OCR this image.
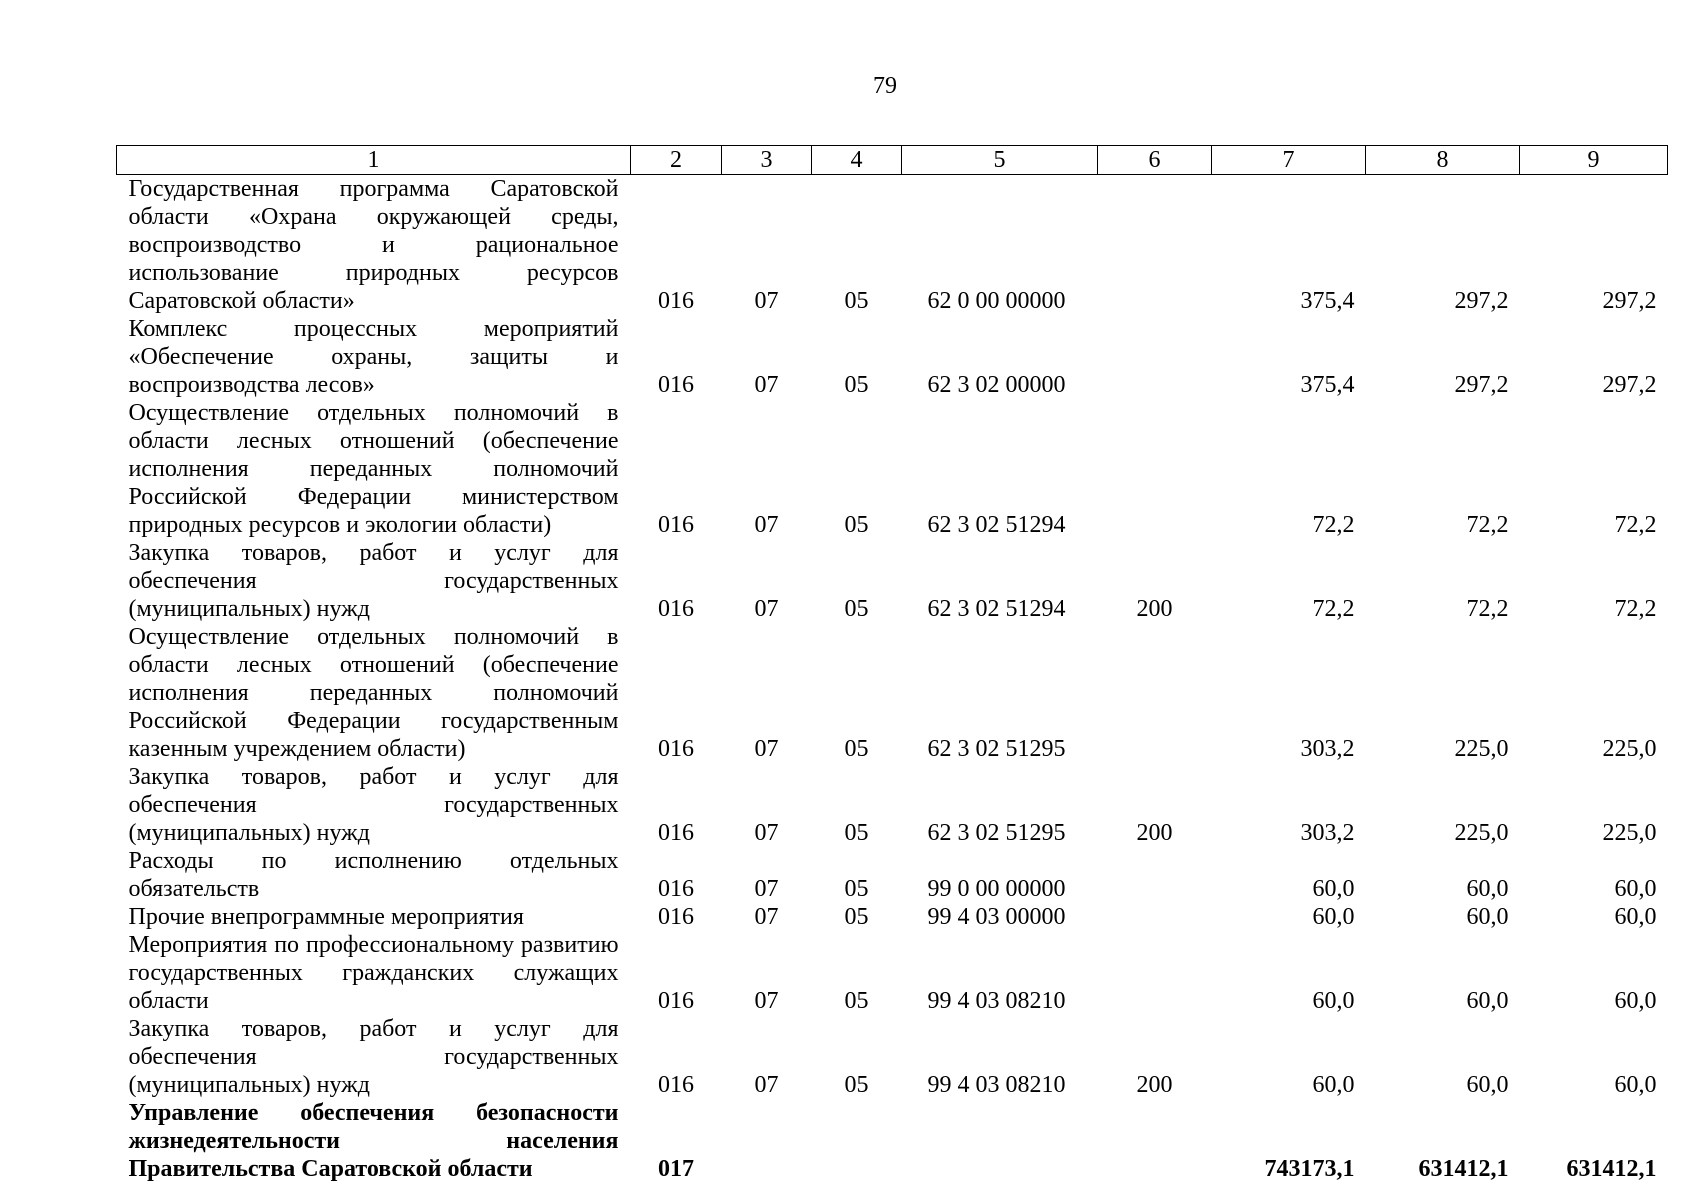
79
1	2	3	4	5	6	7	8	9
Государственная программа Саратовской области «Охрана окружающей среды, воспроизводство и рациональное использование природных ресурсов Саратовской области»	016	07	05	62 0 00 00000		375,4	297,2	297,2
Комплекс процессных мероприятий «Обеспечение охраны, защиты и воспроизводства лесов»	016	07	05	62 3 02 00000		375,4	297,2	297,2
Осуществление отдельных полномочий в области лесных отношений (обеспечение исполнения переданных полномочий Российской Федерации министерством природных ресурсов и экологии области)	016	07	05	62 3 02 51294		72,2	72,2	72,2
Закупка товаров, работ и услуг для обеспечения государственных (муниципальных) нужд	016	07	05	62 3 02 51294	200	72,2	72,2	72,2
Осуществление отдельных полномочий в области лесных отношений (обеспечение исполнения переданных полномочий Российской Федерации государственным казенным учреждением области)	016	07	05	62 3 02 51295		303,2	225,0	225,0
Закупка товаров, работ и услуг для обеспечения государственных (муниципальных) нужд	016	07	05	62 3 02 51295	200	303,2	225,0	225,0
Расходы по исполнению отдельных обязательств	016	07	05	99 0 00 00000		60,0	60,0	60,0
Прочие внепрограммные мероприятия	016	07	05	99 4 03 00000		60,0	60,0	60,0
Мероприятия по профессиональному развитию государственных гражданских служащих области	016	07	05	99 4 03 08210		60,0	60,0	60,0
Закупка товаров, работ и услуг для обеспечения государственных (муниципальных) нужд	016	07	05	99 4 03 08210	200	60,0	60,0	60,0
Управление обеспечения безопасности жизнедеятельности населения Правительства Саратовской области	017					743173,1	631412,1	631412,1
